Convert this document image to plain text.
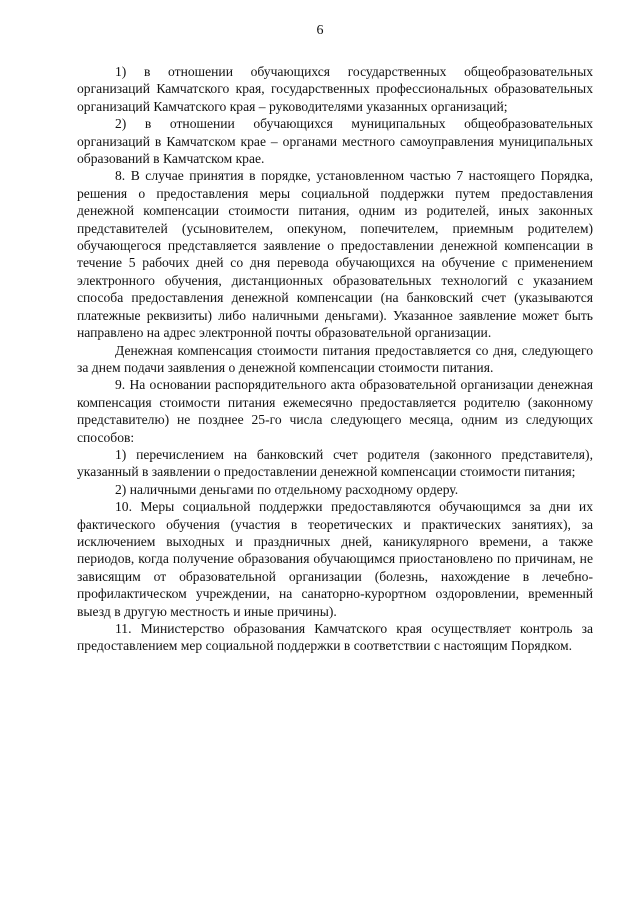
6

1) в отношении обучающихся государственных общеобразовательных организаций Камчатского края, государственных профессиональных образовательных организаций Камчатского края – руководителями указанных организаций;

2) в отношении обучающихся муниципальных общеобразовательных организаций в Камчатском крае – органами местного самоуправления муниципальных образований в Камчатском крае.

8. В случае принятия в порядке, установленном частью 7 настоящего Порядка, решения о предоставления меры социальной поддержки путем предоставления денежной компенсации стоимости питания, одним из родителей, иных законных представителей (усыновителем, опекуном, попечителем, приемным родителем) обучающегося представляется заявление о предоставлении денежной компенсации в течение 5 рабочих дней со дня перевода обучающихся на обучение с применением электронного обучения, дистанционных образовательных технологий с указанием способа предоставления денежной компенсации (на банковский счет (указываются платежные реквизиты) либо наличными деньгами). Указанное заявление может быть направлено на адрес электронной почты образовательной организации.

Денежная компенсация стоимости питания предоставляется со дня, следующего за днем подачи заявления о денежной компенсации стоимости питания.

9. На основании распорядительного акта образовательной организации денежная компенсация стоимости питания ежемесячно предоставляется родителю (законному представителю) не позднее 25-го числа следующего месяца, одним из следующих способов:

1) перечислением на банковский счет родителя (законного представителя), указанный в заявлении о предоставлении денежной компенсации стоимости питания;

2) наличными деньгами по отдельному расходному ордеру.

10. Меры социальной поддержки предоставляются обучающимся за дни их фактического обучения (участия в теоретических и практических занятиях), за исключением выходных и праздничных дней, каникулярного времени, а также периодов, когда получение образования обучающимся приостановлено по причинам, не зависящим от образовательной организации (болезнь, нахождение в лечебно-профилактическом учреждении, на санаторно-курортном оздоровлении, временный выезд в другую местность и иные причины).

11. Министерство образования Камчатского края осуществляет контроль за предоставлением мер социальной поддержки в соответствии с настоящим Порядком.
